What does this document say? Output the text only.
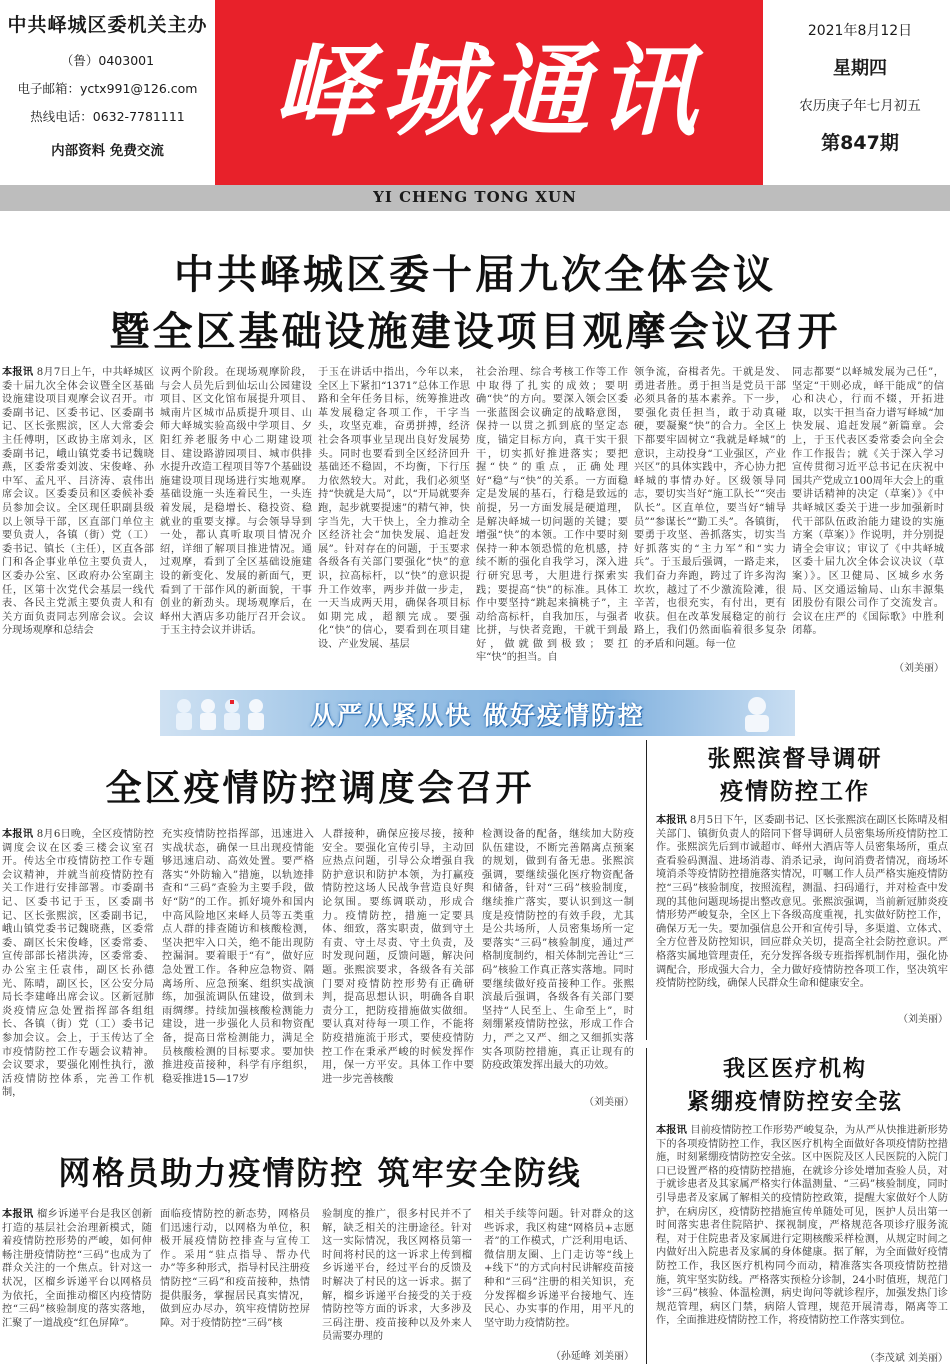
中共峄城区委机关主办
（鲁）0403001
电子邮箱：yctx991@126.com
热线电话：0632-7781111
内部资料 免费交流
峄城通讯
2021年8月12日
星期四
农历庚子年七月初五
第847期
YI CHENG TONG XUN
中共峄城区委十届九次全体会议
暨全区基础设施建设项目观摩会议召开
本报讯 8月7日上午，中共峄城区委十届九次全体会议暨全区基础设施建设项目观摩会议召开。市委副书记、区委书记、区委副书记、区长张熙滨，区人大常委会主任傅明，区政协主席刘永，区委副书记，峨山镇党委书记魏晓燕，区委常委刘波、宋俊峰、孙中军、孟凡平、吕济涛、袁伟出席会议。区委委员和区委候补委员参加会议。全区现任职副县级以上领导干部，区直部门单位主要负责人，各镇（街）党（工）委书记、镇长（主任），区直各部门和各企事业单位主要负责人，区委办公室、区政府办公室副主任，区第十次党代会基层一线代表、各民主党派主要负责人和有关方面负责同志列席会议。会议分现场观摩和总结会
议两个阶段。在现场观摩阶段，与会人员先后到仙坛山公园建设项目、区文化馆布展提升项目、城南片区城市品质提升项目、山师大峄城实验高级中学项目、夕阳红养老服务中心二期建设项目、建设路游园项目、城市供排水提升改造工程项目等7个基础设施建设项目现场进行实地观摩。基础设施一头连着民生，一头连着发展，是稳增长、稳投资、稳就业的重要支撑。与会领导导到一处，都认真听取项目情况介绍，详细了解项目推进情况。通过观摩，看到了全区基础设施建设的新变化、发展的新面气，更看到了干部作风的新面貌，干事创业的新劲头。现场观摩后，在峄州大酒店多功能厅召开会议。于玉主持会议并讲话。
于玉在讲话中指出，今年以来，全区上下紧扣“1371”总体工作思路和全年任务目标，统筹推进改革发展稳定各项工作，干字当头，攻坚克难，奋勇拼搏，经济社会各项事业呈现出良好发展势头。同时也要看到全区经济回升基础还不稳固，不均衡，下行压力依然较大。对此，我们必须坚持“快就是大局”，以“开局就要奔跑，起步就要提速”的精气神，快字当先，大干快上，全力推动全区经济社会“加快发展、追赶发展”。针对存在的问题，于玉要求各级各有关部门要强化“快”的意识，拉高标杆，以“快”的意识提升工作效率，两步并做一步走，一天当成两天用，确保各项目标如期完成，超额完成。要强化“快”的信心，要看到在项目建设、产业发展、基层
社会治理、综合考核工作等工作中取得了扎实的成效；要明确“快”的方向。要深入领会区委一张蓝图会议确定的战略意图，保持一以贯之抓到底的坚定态度，锚定目标方向，真干实干狠干，切实抓好推进落实；要把握“快”的重点，正确处理好“稳”与“快”的关系。一方面稳定是发展的基石，行稳是致远的前提，另一方面发展是硬道理，是解决峄城一切问题的关键；要增强“快”的本领。工作中要时刻保持一种本领恐慌的危机感，持续不断的强化自我学习，深入进行研究思考，大胆进行探索实践；要提高“快”的标准。具体工作中要坚持“跳起来摘桃子”，主动给高标杆，自我加压，与强者比拼，与快者竞跑，干就干到最好，做就做到极致；要扛牢“快”的担当。自
领争流，奋楫者先。干就是发、勇进者胜。勇于担当是党员干部必须具备的基本素养。下一步，要强化责任担当，敢于动真碰硬，要凝聚“快”的合力。全区上下都要牢固树立“我就是峄城”的意识，主动投身“工业强区，产业兴区”的具体实践中，齐心协力把峄城的事情办好。区级领导同志，要切实当好“施工队长”“突击队长”。区直单位，要当好“辅导员”“参谋长”“勤工头”。各镇街，要勇于攻坚、善抓落实，切实当好抓落实的“主力军”和“实力兵”。于玉最后强调，一路走来，我们奋力奔跑，跨过了许多沟沟坎坎，越过了不少激流险滩，很辛苦，也很充实，有付出，更有收获。但在改革发展稳定的前行路上，我们仍然面临着很多复杂的矛盾和问题。每一位
同志都要“以峄城发展为己任”，坚定“干则必成，峄干能成”的信心和决心，行而不辍，开拓进取，以实干担当奋力谱写峄城“加快发展、追赶发展”新篇章。会上，于玉代表区委常委会向全会作工作报告；就《关于深入学习宣传贯彻习近平总书记在庆祝中国共产党成立100周年大会上的重要讲话精神的决定（草案）》《中共峄城区委关于进一步加强新时代干部队伍政治能力建设的实施方案（草案）》作说明，并分别提请全会审议；审议了《中共峄城区委十届九次全体会议决议（草案）》。区卫健局、区城乡水务局、区交通运输局、山东丰源集团股份有限公司作了交流发言。会议在庄严的《国际歌》中胜利闭幕。
（刘美丽）
从严从紧从快 做好疫情防控
全区疫情防控调度会召开
本报讯 8月6日晚，全区疫情防控调度会议在区委三楼会议室召开。传达全市疫情防控工作专题会议精神，并就当前疫情防控有关工作进行安排部署。市委副书记、区委书记于玉，区委副书记、区长张熙滨，区委副书记，峨山镇党委书记魏晓燕，区委常委、副区长宋俊峰，区委常委、宣传部部长褚洪涛，区委常委、办公室主任袁伟，副区长孙德光、陈晴，副区长，区公安分局局长李建峰出席会议。区新冠肺炎疫情应急处置指挥部各组组长、各镇（街）党（工）委书记参加会议。会上，于玉传达了全市疫情防控工作专题会议精神。会议要求，要强化刚性执行，激活疫情防控体系，完善工作机制，
充实疫情防控指挥部，迅速进入实战状态，确保一旦出现疫情能够迅速启动、高效处置。要严格落实“外防输入”措施，以轨迹排查和“三码”查验为主要手段，做好“防”的工作。抓好境外和国内中高风险地区来峄人员等五类重点人群的排查随访和核酸检测，坚决把牢入口关，绝不能出现防控漏洞。要着眼于“有”，做好应急处置工作。各种应急物资、隔离场所、应急预案、组织实战演练，加强流调队伍建设，做到未雨绸缪。持续加强核酸检测能力建设，进一步强化人员和物资配备，提高日常检测能力，满足全员核酸检测的目标要求。要加快推进疫苗接种，科学有序组织，稳妥推进15—17岁
人群接种，确保应接尽接，接种安全。要强化宣传引导，主动回应热点问题，引导公众增强自我防护意识和防护本领，为打赢疫情防控这场人民战争营造良好舆论氛围。要练调联动，形成合力。疫情防控，措施一定要具体、细致，落实职责，做到守土有责、守土尽责、守土负责，及时发现问题，反馈问题，解决问题。张熙滨要求，各级各有关部门要对疫情防控形势有正确研判，提高思想认识，明确各自职责分工，把防疫措施做实做细。要认真对待每一项工作，不能将防疫措施流于形式，要使疫情防控工作在秉承严峻的时候发挥作用，保一方平安。具体工作中要进一步完善核酸
检测设备的配备，继续加大防疫队伍建设，不断完善隔离点预案的规划，做到有备无患。张熙滨强调，要继续强化医疗物资配备和储备，针对“三码”核验制度，继续推广落实，要认识到这一制度是疫情防控的有效手段，尤其是公共场所，人员密集场所一定要落实“三码”核验制度，通过严格制度制约，相关体制完善让“三码”核验工作真正落实落地。同时要继续做好疫苗接种工作。张熙滨最后强调，各级各有关部门要坚持“人民至上、生命至上”，时刻绷紧疫情防控弦，形成工作合力，严之又严、细之又细抓实落实各项防控措施，真正让现有的防疫政策发挥出最大的功效。
（刘美丽）
张熙滨督导调研
疫情防控工作
本报讯 8月5日下午，区委副书记、区长张熙滨在副区长陈晴及相关部门、镇街负责人的陪同下督导调研人员密集场所疫情防控工作。张熙滨先后到市诚超市、峄州大酒店等人员密集场所，重点查看验码测温、进场消毒、消杀记录，询问消费者情况，商场坏境消杀等疫情防控措施落实情况，叮嘱工作人员严格实施疫情防控“三码”核验制度，按照流程，测温、扫码通行，并对检查中发现的其他问题现场提出整改意见。张熙滨强调，当前新冠肺炎疫情形势严峻复杂，全区上下各级高度重视，扎实做好防控工作，确保万无一失。要加强信息公开和宣传引导，多渠道、立体式、全方位普及防控知识，回应群众关切，提高全社会防控意识。严格落实属地管理责任，充分发挥各级专班指挥机制作用，强化协调配合，形成强大合力，全力做好疫情防控各项工作，坚决筑牢疫情防控防线，确保人民群众生命和健康安全。
（刘美丽）
我区医疗机构
紧绷疫情防控安全弦
本报讯 目前疫情防控工作形势严峻复杂，为从严从快推进新形势下的各项疫情防控工作，我区医疗机构全面做好各项疫情防控措施，时刻紧绷疫情防控安全弦。区中医院及区人民医院的入院门口已设置严格的疫情防控措施，在就诊分诊处增加查验人员，对于就诊患者及其家属严格实行体温测量、“三码”核验制度，同时引导患者及家属了解相关的疫情防控政策，提醒大家做好个人防护，在病房区，疫情防控措施宣传单随处可见，医护人员出第一时间落实患者住院陪护、探视制度，严格规范各项诊疗服务流程，对于住院患者及家属进行定期核酸采样检测，从规定时间之内做好出入院患者及家属的身体健康。据了解，为全面做好疫情防控工作，我区医疗机构同今而动，精准落实各项疫情防控措施，筑牢坚实防线。严格落实预检分诊制，24小时值班，规范门诊“三码”核验、体温检测，病史询问等就诊程序，加强发热门诊规范管理，病区门禁，病陪人管理，规范开展清毒，隔离等工作，全面推进疫情防控工作，将疫情防控工作落实到位。
（李茂斌 刘美丽）
网格员助力疫情防控 筑牢安全防线
本报讯 榴乡诉递平台是我区创新打造的基层社会治理新模式，随着疫情防控形势的严峻，如何伸畅注册疫情防控“三码”也成为了群众关注的一个焦点。针对这一状况，区榴乡诉递平台以网格员为依托，全面推动榴区内疫情防控“三码”核验制度的落实落地，汇聚了一道战疫“红色屏障”。
面临疫情防控的新态势，网格员们迅速行动，以网格为单位，积极开展疫情防控排查与宣传工作。采用“驻点指导、帮办代办”等多种形式，指导村民注册疫情防控“三码”和疫苗接种，热情提供服务，掌握居民真实情况，做到应办尽办，筑牢疫情防控屏障。对于疫情防控“三码”核
验制度的推广，很多村民并不了解，缺乏相关的注册途径。针对这一实际情况，我区网格员第一时间将村民的这一诉求上传到榴乡诉递平台，经过平台的反馈及时解决了村民的这一诉求。据了解，榴乡诉递平台接受的关于疫情防控等方面的诉求，大多涉及三码注册、疫苗接种以及外来人员需要办理的
相关手续等问题。针对群众的这些诉求，我区构建“网格员+志愿者”的工作模式，广泛利用电话、微信朋友圈、上门走访等“线上+线下”的方式向村民讲解疫苗接种和“三码”注册的相关知识，充分发挥榴乡诉递平台接地气、连民心、办实事的作用，用平凡的坚守助力疫情防控。
（孙延峰 刘美丽）
